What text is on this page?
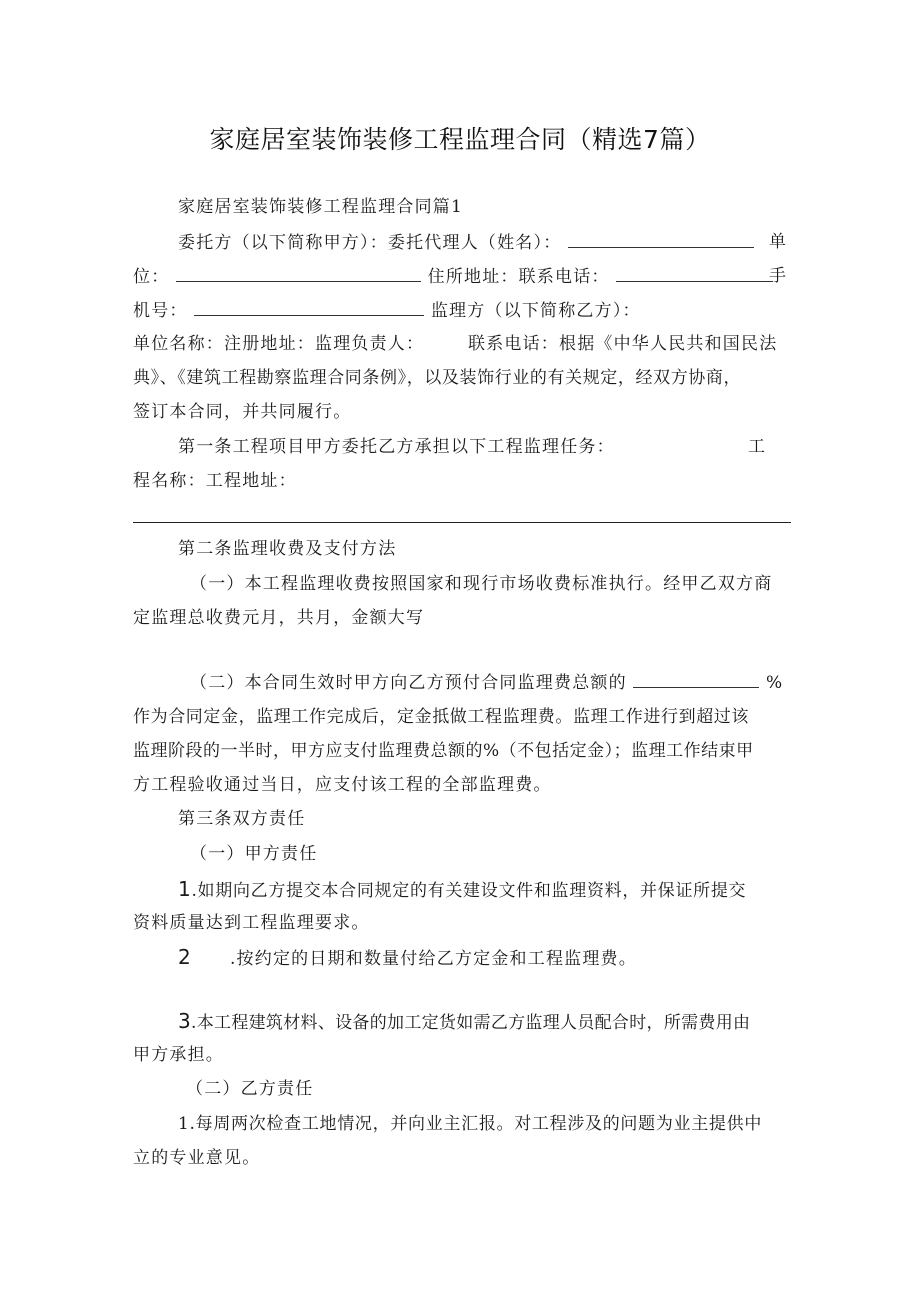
家庭居室装饰装修工程监理合同（精选7篇）
家庭居室装饰装修工程监理合同篇1
委托方（以下简称甲方）：委托代理人（姓名）：	单
位：	住所地址：联系电话：	手
机号：	监理方（以下简称乙方）：
单位名称：注册地址：监理负责人：	联系电话：根据《中华人民共和国民法
典》、《建筑工程勘察监理合同条例》，以及装饰行业的有关规定，经双方协商，
签订本合同，并共同履行。
第一条工程项目甲方委托乙方承担以下工程监理任务：	工
程名称：工程地址：
第二条监理收费及支付方法
（一）本工程监理收费按照国家和现行市场收费标准执行。经甲乙双方商
定监理总收费元月，共月，金额大写
（二）本合同生效时甲方向乙方预付合同监理费总额的	%
作为合同定金，监理工作完成后，定金抵做工程监理费。监理工作进行到超过该
监理阶段的一半时，甲方应支付监理费总额的%（不包括定金）；监理工作结束甲
方工程验收通过当日，应支付该工程的全部监理费。
第三条双方责任
（一）甲方责任
1.如期向乙方提交本合同规定的有关建设文件和监理资料，并保证所提交
资料质量达到工程监理要求。
2 .按约定的日期和数量付给乙方定金和工程监理费。
3.本工程建筑材料、设备的加工定货如需乙方监理人员配合时，所需费用由
甲方承担。
（二）乙方责任
1.每周两次检查工地情况，并向业主汇报。对工程涉及的问题为业主提供中
立的专业意见。
